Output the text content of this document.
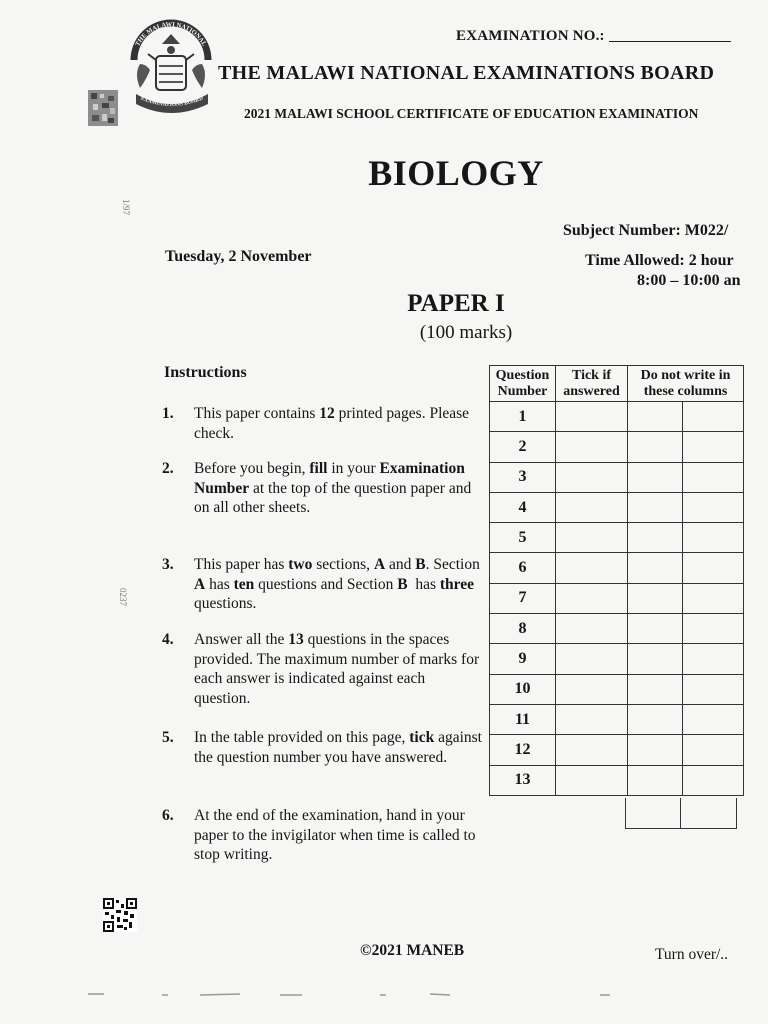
THE MALAWI NATIONAL
EXAMINATIONS BOARD
EXAMINATION NO.:
THE MALAWI NATIONAL EXAMINATIONS BOARD
2021 MALAWI SCHOOL CERTIFICATE OF EDUCATION EXAMINATION
1/97
0237
BIOLOGY
Subject Number: M022/
Tuesday, 2 November	Time Allowed: 2 hour
8:00 – 10:00 an
PAPER I
(100 marks)
Instructions
1.	This paper contains 12 printed pages. Please check.
2.	Before you begin, fill in your Examination Number at the top of the question paper and on all other sheets.
3.	This paper has two sections, A and B. Section A has ten questions and Section B  has three questions.
4.	Answer all the 13 questions in the spaces provided. The maximum number of marks for each answer is indicated against each question.
5.	In the table provided on this page, tick against the question number you have answered.
6.	At the end of the examination, hand in your paper to the invigilator when time is called to stop writing.
Question Number	Tick if answered	Do not write in these columns	
1			
2			
3			
4			
5			
6			
7			
8			
9			
10			
11			
12			
13			
©2021 MANEB	Turn over/..
